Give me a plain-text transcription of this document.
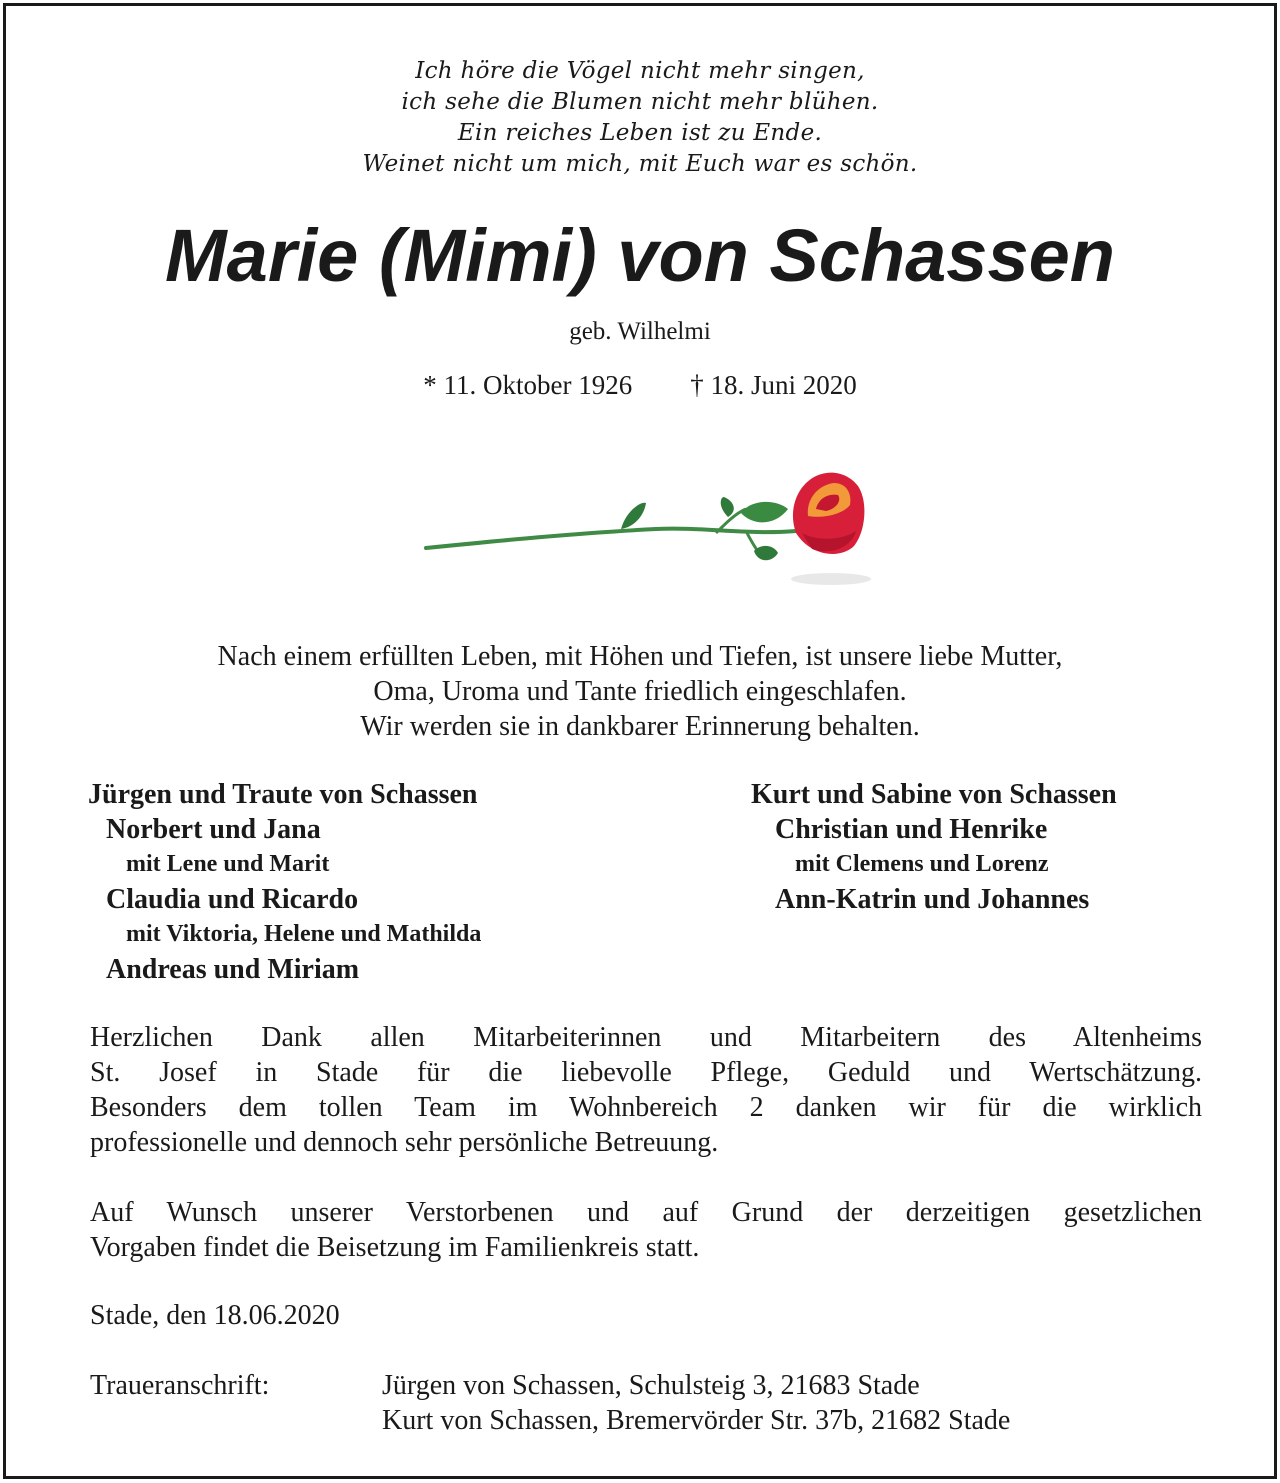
Ich höre die Vögel nicht mehr singen,
ich sehe die Blumen nicht mehr blühen.
Ein reiches Leben ist zu Ende.
Weinet nicht um mich, mit Euch war es schön.
Marie (Mimi) von Schassen
geb. Wilhelmi
* 11. Oktober 1926 † 18. Juni 2020
Nach einem erfüllten Leben, mit Höhen und Tiefen, ist unsere liebe Mutter,
Oma, Uroma und Tante friedlich eingeschlafen.
Wir werden sie in dankbarer Erinnerung behalten.
Jürgen und Traute von Schassen
Norbert und Jana
mit Lene und Marit
Claudia und Ricardo
mit Viktoria, Helene und Mathilda
Andreas und Miriam
Kurt und Sabine von Schassen
Christian und Henrike
mit Clemens und Lorenz
Ann-Katrin und Johannes
Herzlichen Dank allen Mitarbeiterinnen und Mitarbeitern des Altenheims
St. Josef in Stade für die liebevolle Pflege, Geduld und Wertschätzung.
Besonders dem tollen Team im Wohnbereich 2 danken wir für die wirklich
professionelle und dennoch sehr persönliche Betreuung.
Auf Wunsch unserer Verstorbenen und auf Grund der derzeitigen gesetzlichen
Vorgaben findet die Beisetzung im Familienkreis statt.
Stade, den 18.06.2020
Traueranschrift:	Jürgen von Schassen, Schulsteig 3, 21683 Stade
Kurt von Schassen, Bremervörder Str. 37b, 21682 Stade
